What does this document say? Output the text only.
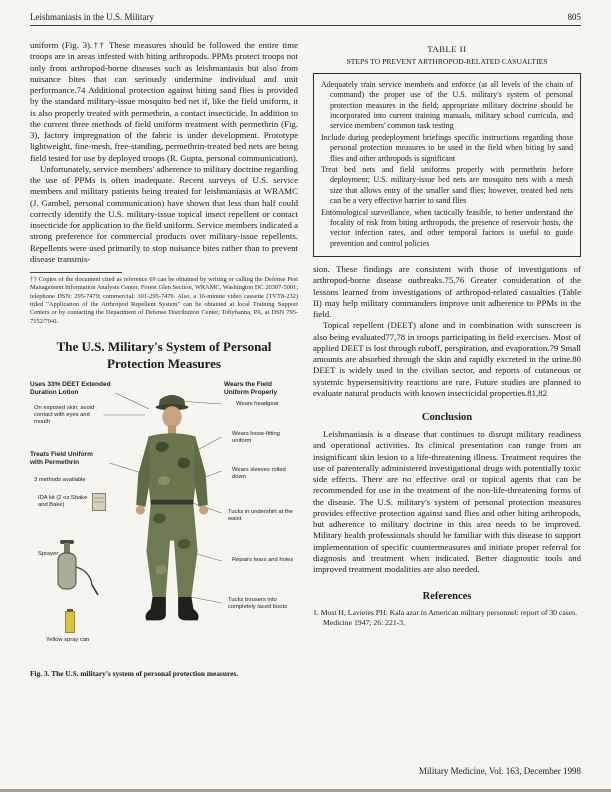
Leishmaniasis in the U.S. Military	805

uniform (Fig. 3).†† These measures should be followed the entire time troops are in areas infested with biting arthropods. PPMs protect troops not only from arthropod-borne diseases such as leishmaniasis but also from nuisance bites that can seriously undermine individual and unit performance.74 Additional protection against biting sand flies is provided by the standard military-issue mosquito bed net if, like the field uniform, it is also properly treated with permethrin, a contact insecticide. In addition to the current three methods of field uniform treatment with permethrin (Fig. 3), factory impregnation of the fabric is under development. Prototype lightweight, fine-mesh, free-standing, permethrin-treated bed nets are being field tested for use by deployed troops (R. Gupta, personal communication).

Unfortunately, service members' adherence to military doctrine regarding the use of PPMs is often inadequate. Recent surveys of U.S. service members and military patients being treated for leishmaniasis at WRAMC (J. Gambel, personal communication) have shown that less than half could correctly identify the U.S. military-issue topical insect repellent or contact insecticide for application to the field uniform. Service members indicated a strong preference for commercial products over military-issue repellents. Repellents were used primarily to stop nuisance bites rather than to prevent disease transmis-

†† Copies of the document cited as reference 69 can be obtained by writing or calling the Defense Pest Management Information Analysis Center, Forest Glen Section, WRAMC, Washington DC 20307-5001; telephone DSN: 295-7479; commercial: 301-295-7479. Also, a 16-minute video cassette (TVT8-232) titled "Application of the Arthropod Repellent System" can be obtained at local Training Support Centers or by contacting the Department of Defense Distribution Center, Tobyhanna, PA, at DSN 795-7152/7941.

The U.S. Military's System of Personal Protection Measures
Uses 33% DEET Extended Duration Lotion
On exposed skin; avoid contact with eyes and mouth
Treats Field Uniform with Permethrin
3 methods available
IDA kit (2 oz Shake and Bake)
Sprayer
Yellow spray can
Wears the Field Uniform Properly
Wears headgear
Wears loose-fitting uniform
Wears sleeves rolled down
Tucks in undershirt at the waist
Repairs tears and holes
Tucks trousers into completely laced boots

Fig. 3. The U.S. military's system of personal protection measures.

TABLE II
STEPS TO PREVENT ARTHROPOD-RELATED CASUALTIES
Adequately train service members and enforce (at all levels of the chain of command) the proper use of the U.S. military's system of personal protection measures in the field; appropriate military doctrine should be incorporated into current training manuals, military school curricula, and service members' common task testing
Include during predeployment briefings specific instructions regarding those personal protection measures to be used in the field when biting by sand flies and other arthropods is significant
Treat bed nets and field uniforms properly with permethrin before deployment; U.S. military-issue bed nets are mosquito nets with a mesh size that allows entry of the smaller sand flies; however, treated bed nets can be a very effective barrier to sand flies
Entomological surveillance, when tactically feasible, to better understand the focality of risk from biting arthropods, the presence of reservoir hosts, the vector infection rates, and other temporal factors is useful to guide prevention and control policies

sion. These findings are consistent with those of investigations of arthropod-borne disease outbreaks.75,76 Greater consideration of the lessons learned from investigations of arthropod-related casualties (Table II) may help military commanders improve unit adherence to PPMs in the field.

Topical repellent (DEET) alone and in combination with sunscreen is also being evaluated77,78 in troops participating in field exercises. Most of applied DEET is lost through ruboff, perspiration, and evaporation.79 Small amounts are absorbed through the skin and rapidly excreted in the urine.80 DEET is widely used in the civilian sector, and reports of cutaneous or systemic hypersensitivity reactions are rare. Future studies are planned to evaluate natural products with known insecticidal properties.81,82

Conclusion

Leishmaniasis is a disease that continues to disrupt military readiness and operational activities. Its clinical presentation can range from an insignificant skin lesion to a life-threatening illness. Treatment requires the use of parenterally administered investigational drugs with potentially toxic side effects. There are no effective oral or topical agents that can be recommended for use in the treatment of the non-life-threatening forms of the disease. The U.S. military's system of personal protection measures provides effective protection against sand flies and other biting arthropods, but adherence to military doctrine in this area needs to be improved. Military health professionals should be familiar with this disease to support implementation of specific countermeasures and initiate proper referral for diagnosis and treatment when indicated. Better diagnostic tools and improved treatment modalities are also needed.

References

1. Most H, Lavietes PH: Kala azar in American military personnel: report of 30 cases. Medicine 1947; 26: 221-3.

Military Medicine, Vol. 163, December 1998
